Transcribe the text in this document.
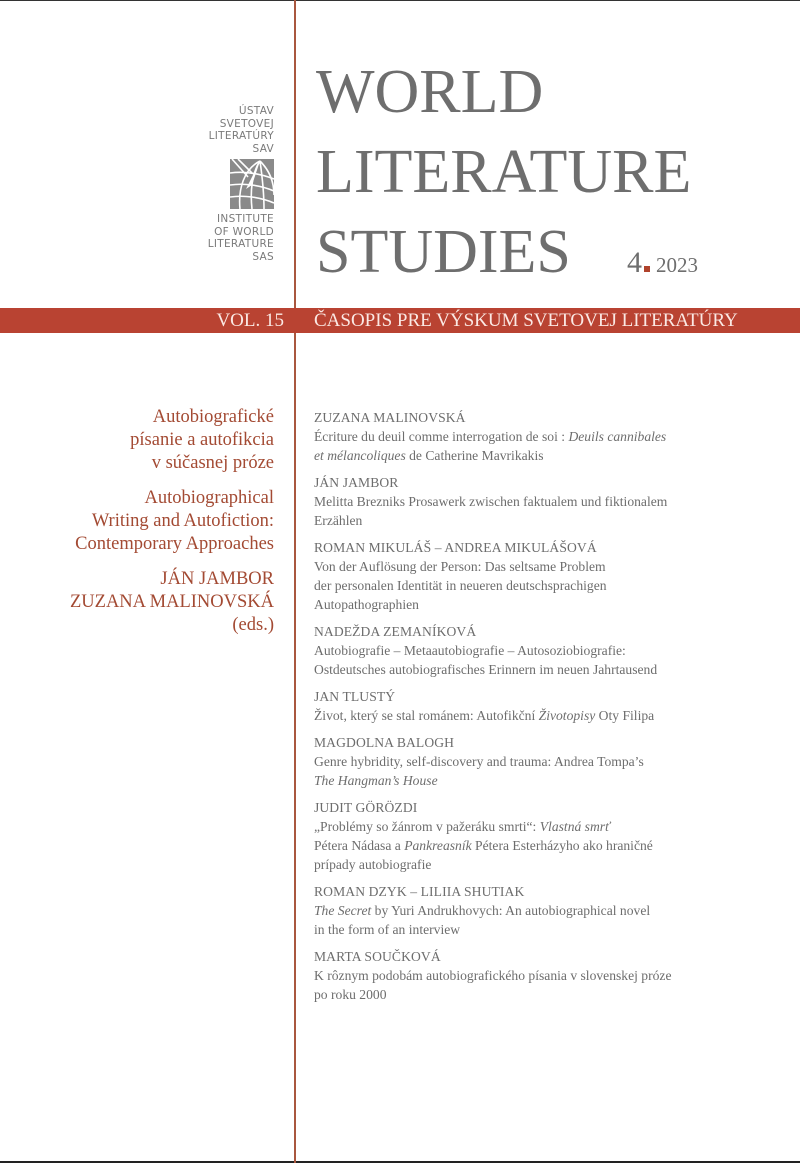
ÚSTAV
SVETOVEJ
LITERATÚRY
SAV
INSTITUTE
OF WORLD
LITERATURE
SAS
WORLD
LITERATURE
STUDIES	4 2023
VOL. 15 ČASOPIS PRE VÝSKUM SVETOVEJ LITERATÚRY
Autobiografické
písanie a autofikcia
v súčasnej próze
Autobiographical
Writing and Autofiction:
Contemporary Approaches
JÁN JAMBOR
ZUZANA MALINOVSKÁ
(eds.)
ZUZANA MALINOVSKÁ
Écriture du deuil comme interrogation de soi : Deuils cannibales
et mélancoliques de Catherine Mavrikakis
JÁN JAMBOR
Melitta Brezniks Prosawerk zwischen faktualem und fiktionalem
Erzählen
ROMAN MIKULÁŠ – ANDREA MIKULÁŠOVÁ
Von der Auflösung der Person: Das seltsame Problem
der personalen Identität in neueren deutschsprachigen
Autopathographien
NADEŽDA ZEMANÍKOVÁ
Autobiografie – Metaautobiografie – Autosoziobiografie:
Ostdeutsches autobiografisches Erinnern im neuen Jahrtausend
JAN TLUSTÝ
Život, který se stal románem: Autofikční Životopisy Oty Filipa
MAGDOLNA BALOGH
Genre hybridity, self-discovery and trauma: Andrea Tompa’s
The Hangman’s House
JUDIT GÖRÖZDI
„Problémy so žánrom v pažeráku smrti“: Vlastná smrť
Pétera Nádasa a Pankreasník Pétera Esterházyho ako hraničné
prípady autobiografie
ROMAN DZYK – LILIIA SHUTIAK
The Secret by Yuri Andrukhovych: An autobiographical novel
in the form of an interview
MARTA SOUČKOVÁ
K rôznym podobám autobiografického písania v slovenskej próze
po roku 2000
